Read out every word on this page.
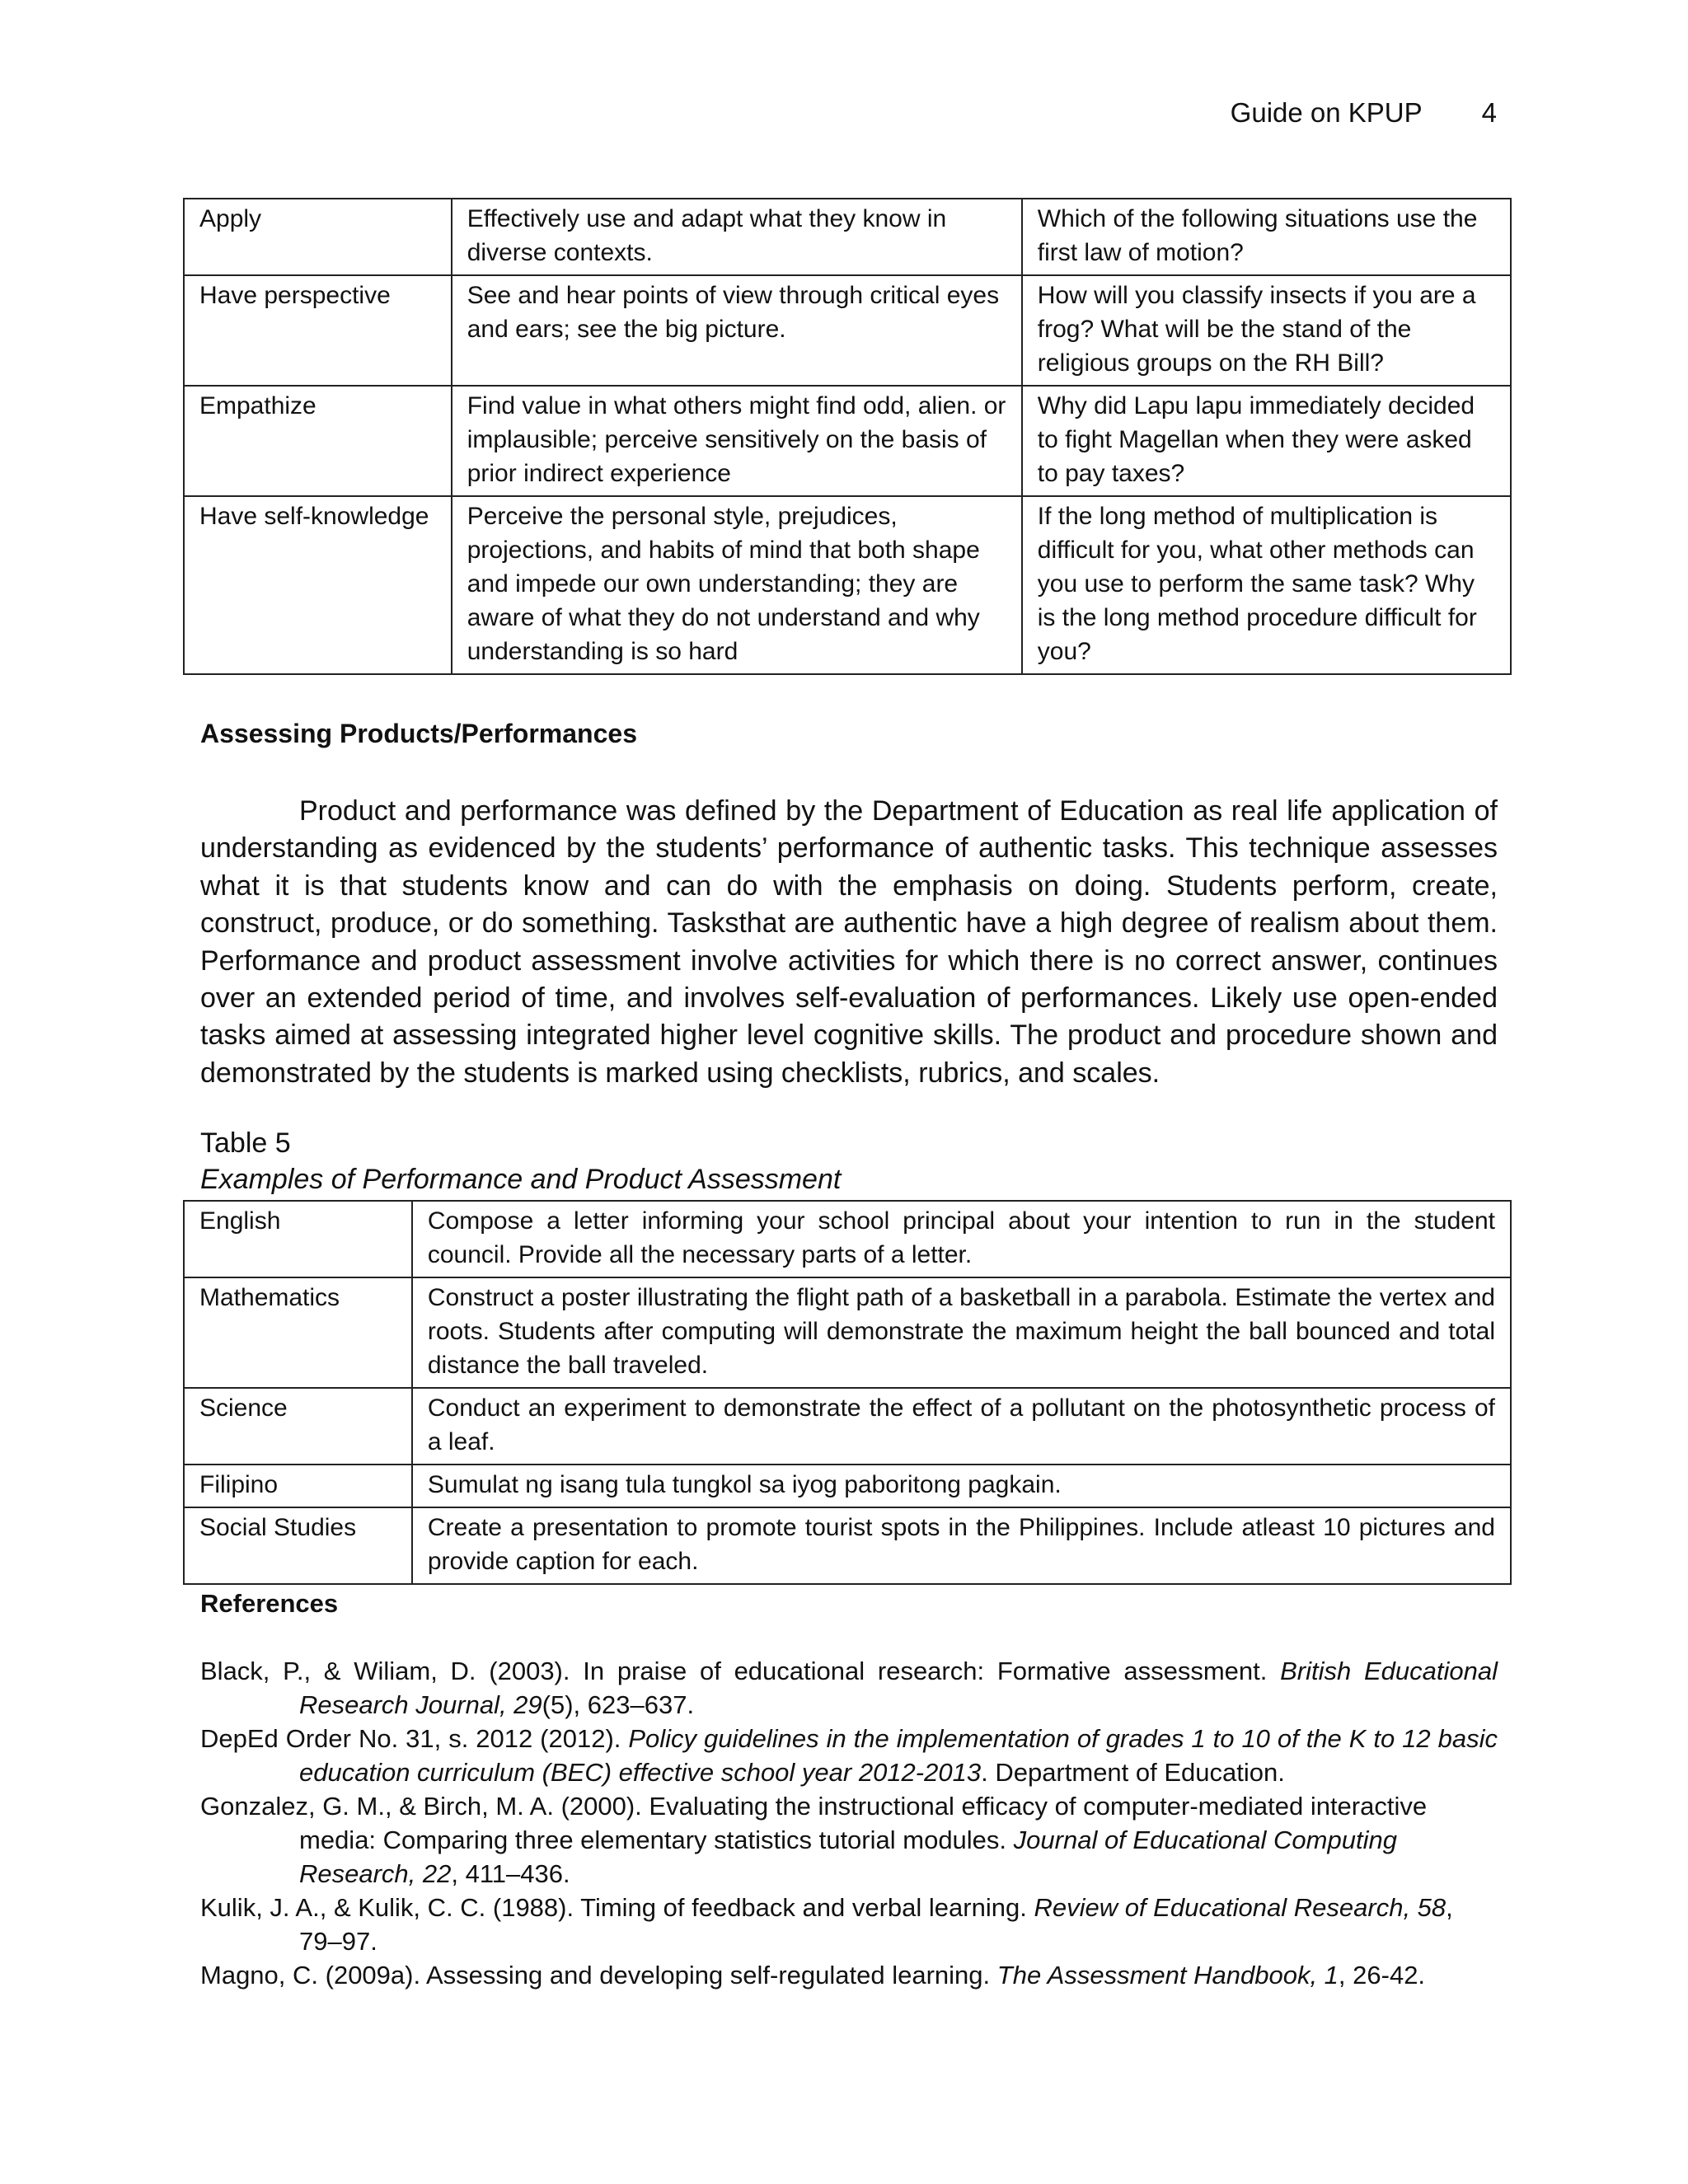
Guide on KPUP 4
Apply	Effectively use and adapt what they know in diverse contexts.	Which of the following situations use the first law of motion?
Have perspective	See and hear points of view through critical eyes and ears; see the big picture.	How will you classify insects if you are a frog? What will be the stand of the religious groups on the RH Bill?
Empathize	Find value in what others might find odd, alien. or implausible; perceive sensitively on the basis of prior indirect experience	Why did Lapu lapu immediately decided to fight Magellan when they were asked to pay taxes?
Have self-knowledge	Perceive the personal style, prejudices, projections, and habits of mind that both shape and impede our own understanding; they are aware of what they do not understand and why understanding is so hard	If the long method of multiplication is difficult for you, what other methods can you use to perform the same task? Why is the long method procedure difficult for you?
Assessing Products/Performances

Product and performance was defined by the Department of Education as real life application of understanding as evidenced by the students’ performance of authentic tasks. This technique assesses what it is that students know and can do with the emphasis on doing. Students perform, create, construct, produce, or do something. Tasksthat are authentic have a high degree of realism about them. Performance and product assessment involve activities for which there is no correct answer, continues over an extended period of time, and involves self-evaluation of performances. Likely use open-ended tasks aimed at assessing integrated higher level cognitive skills. The product and procedure shown and demonstrated by the students is marked using checklists, rubrics, and scales.

Table 5
Examples of Performance and Product Assessment
English	Compose a letter informing your school principal about your intention to run in the student council. Provide all the necessary parts of a letter.
Mathematics	Construct a poster illustrating the flight path of a basketball in a parabola. Estimate the vertex and roots. Students after computing will demonstrate the maximum height the ball bounced and total distance the ball traveled.
Science	Conduct an experiment to demonstrate the effect of a pollutant on the photosynthetic process of a leaf.
Filipino	Sumulat ng isang tula tungkol sa iyog paboritong pagkain.
Social Studies	Create a presentation to promote tourist spots in the Philippines. Include atleast 10 pictures and provide caption for each.
References

Black, P., & Wiliam, D. (2003). In praise of educational research: Formative assessment. British Educational Research Journal, 29(5), 623–637.

DepEd Order No. 31, s. 2012 (2012). Policy guidelines in the implementation of grades 1 to 10 of the K to 12 basic education curriculum (BEC) effective school year 2012-2013. Department of Education.

Gonzalez, G. M., & Birch, M. A. (2000). Evaluating the instructional efficacy of computer-mediated interactive media: Comparing three elementary statistics tutorial modules. Journal of Educational Computing Research, 22, 411–436.

Kulik, J. A., & Kulik, C. C. (1988). Timing of feedback and verbal learning. Review of Educational Research, 58, 79–97.

Magno, C. (2009a). Assessing and developing self-regulated learning. The Assessment Handbook, 1, 26-42.
